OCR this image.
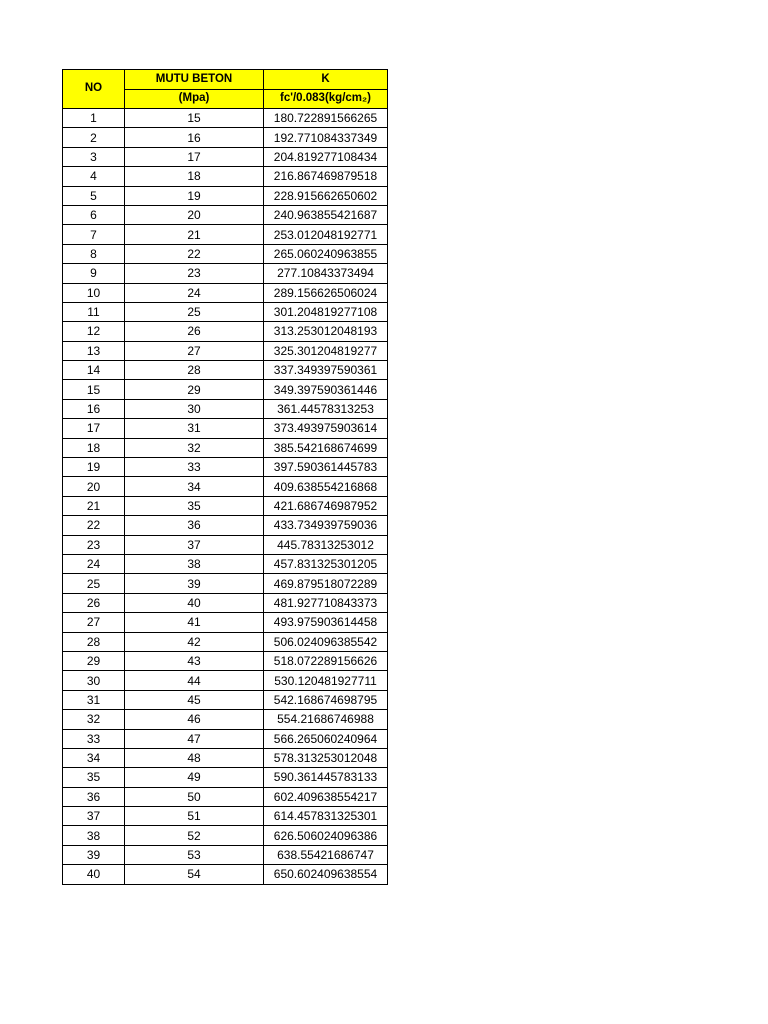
NO	MUTU BETON	K
	(Mpa)	fc'/0.083(kg/cm₂)
1	15	180.722891566265
2	16	192.771084337349
3	17	204.819277108434
4	18	216.867469879518
5	19	228.915662650602
6	20	240.963855421687
7	21	253.012048192771
8	22	265.060240963855
9	23	277.10843373494
10	24	289.156626506024
11	25	301.204819277108
12	26	313.253012048193
13	27	325.301204819277
14	28	337.349397590361
15	29	349.397590361446
16	30	361.44578313253
17	31	373.493975903614
18	32	385.542168674699
19	33	397.590361445783
20	34	409.638554216868
21	35	421.686746987952
22	36	433.734939759036
23	37	445.78313253012
24	38	457.831325301205
25	39	469.879518072289
26	40	481.927710843373
27	41	493.975903614458
28	42	506.024096385542
29	43	518.072289156626
30	44	530.120481927711
31	45	542.168674698795
32	46	554.21686746988
33	47	566.265060240964
34	48	578.313253012048
35	49	590.361445783133
36	50	602.409638554217
37	51	614.457831325301
38	52	626.506024096386
39	53	638.55421686747
40	54	650.602409638554
